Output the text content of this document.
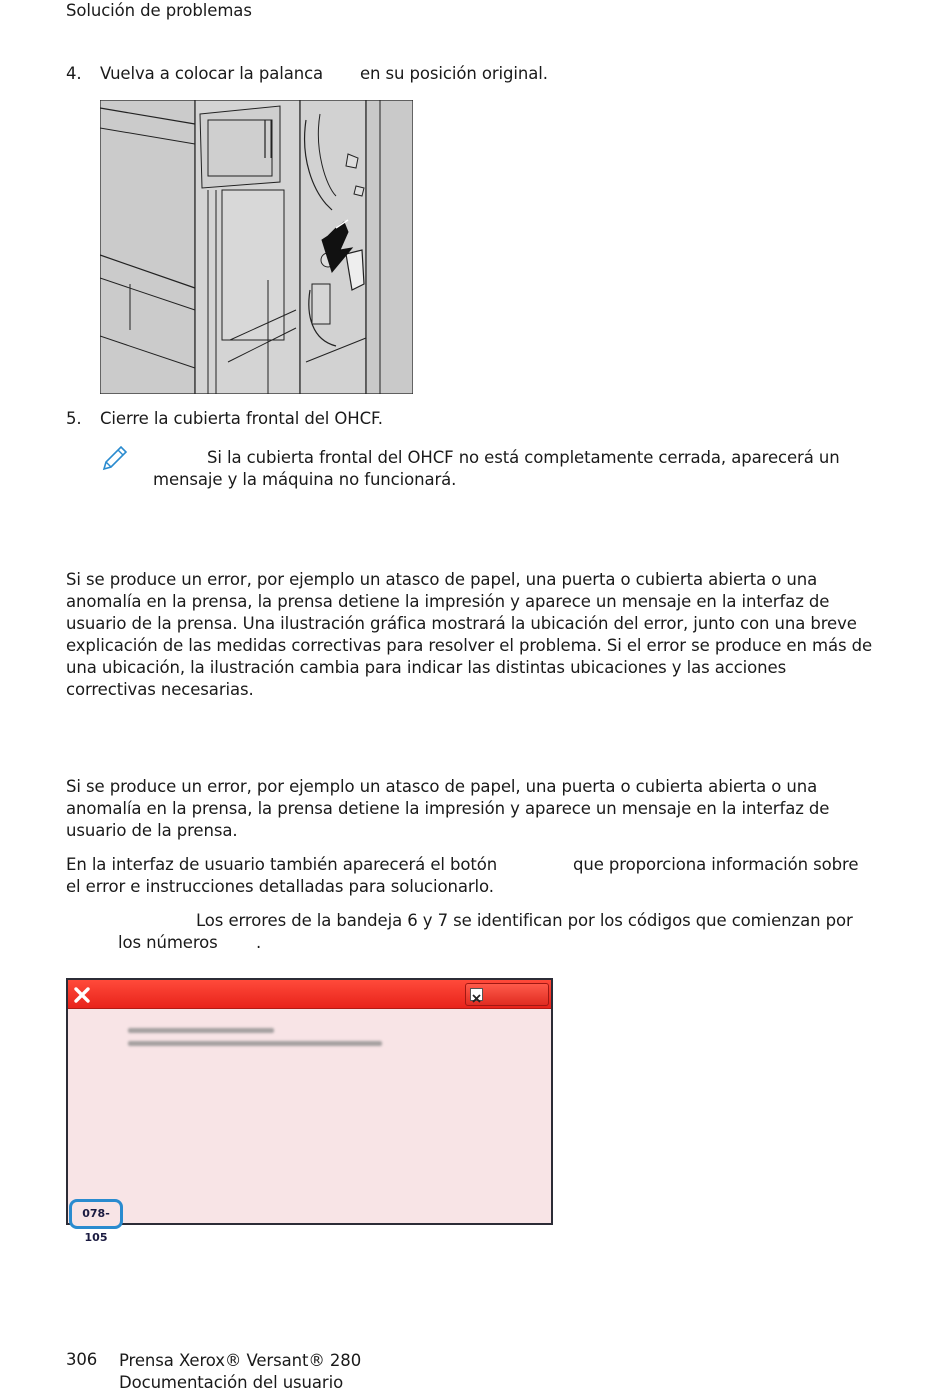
Solución de problemas
4. Vuelva a colocar la palanca en su posición original.
5. Cierre la cubierta frontal del OHCF.
Si la cubierta frontal del OHCF no está completamente cerrada, aparecerá un
mensaje y la máquina no funcionará.
Si se produce un error, por ejemplo un atasco de papel, una puerta o cubierta abierta o una
anomalía en la prensa, la prensa detiene la impresión y aparece un mensaje en la interfaz de
usuario de la prensa. Una ilustración gráfica mostrará la ubicación del error, junto con una breve
explicación de las medidas correctivas para resolver el problema. Si el error se produce en más de
una ubicación, la ilustración cambia para indicar las distintas ubicaciones y las acciones
correctivas necesarias.
Si se produce un error, por ejemplo un atasco de papel, una puerta o cubierta abierta o una
anomalía en la prensa, la prensa detiene la impresión y aparece un mensaje en la interfaz de
usuario de la prensa.
En la interfaz de usuario también aparecerá el botón	que proporciona información sobre
el error e instrucciones detalladas para solucionarlo.
Los errores de la bandeja 6 y 7 se identifican por los códigos que comienzan por
los números .
078-105
306 Prensa Xerox® Versant® 280
Documentación del usuario
